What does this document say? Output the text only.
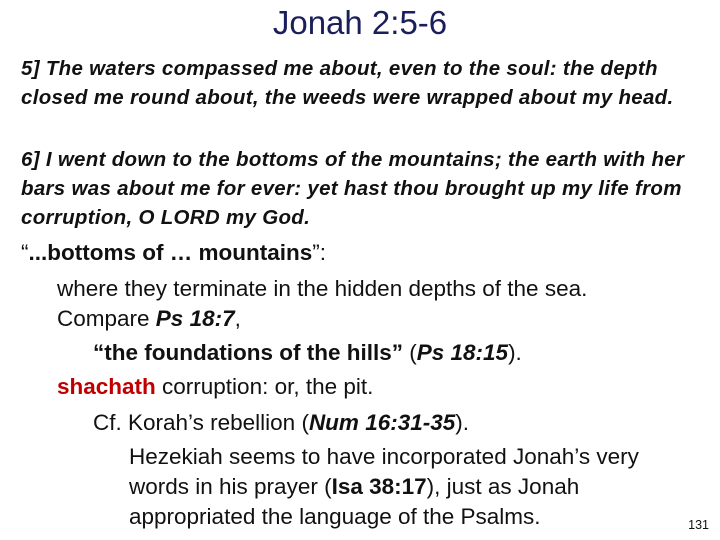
Jonah 2:5-6
5] The waters compassed me about, even to the soul: the depth closed me round about, the weeds were wrapped about my head.
6] I went down to the bottoms of the mountains; the earth with her bars was about me for ever: yet hast thou brought up my life from corruption, O LORD my God.
“...bottoms of … mountains”:
where they terminate in the hidden depths of the sea.
Compare Ps 18:7,
“the foundations of the hills” (Ps 18:15).
shachath corruption: or, the pit.
Cf. Korah’s rebellion (Num 16:31-35).
Hezekiah seems to have incorporated Jonah’s very
words in his prayer (Isa 38:17), just as Jonah
appropriated the language of the Psalms.	131
